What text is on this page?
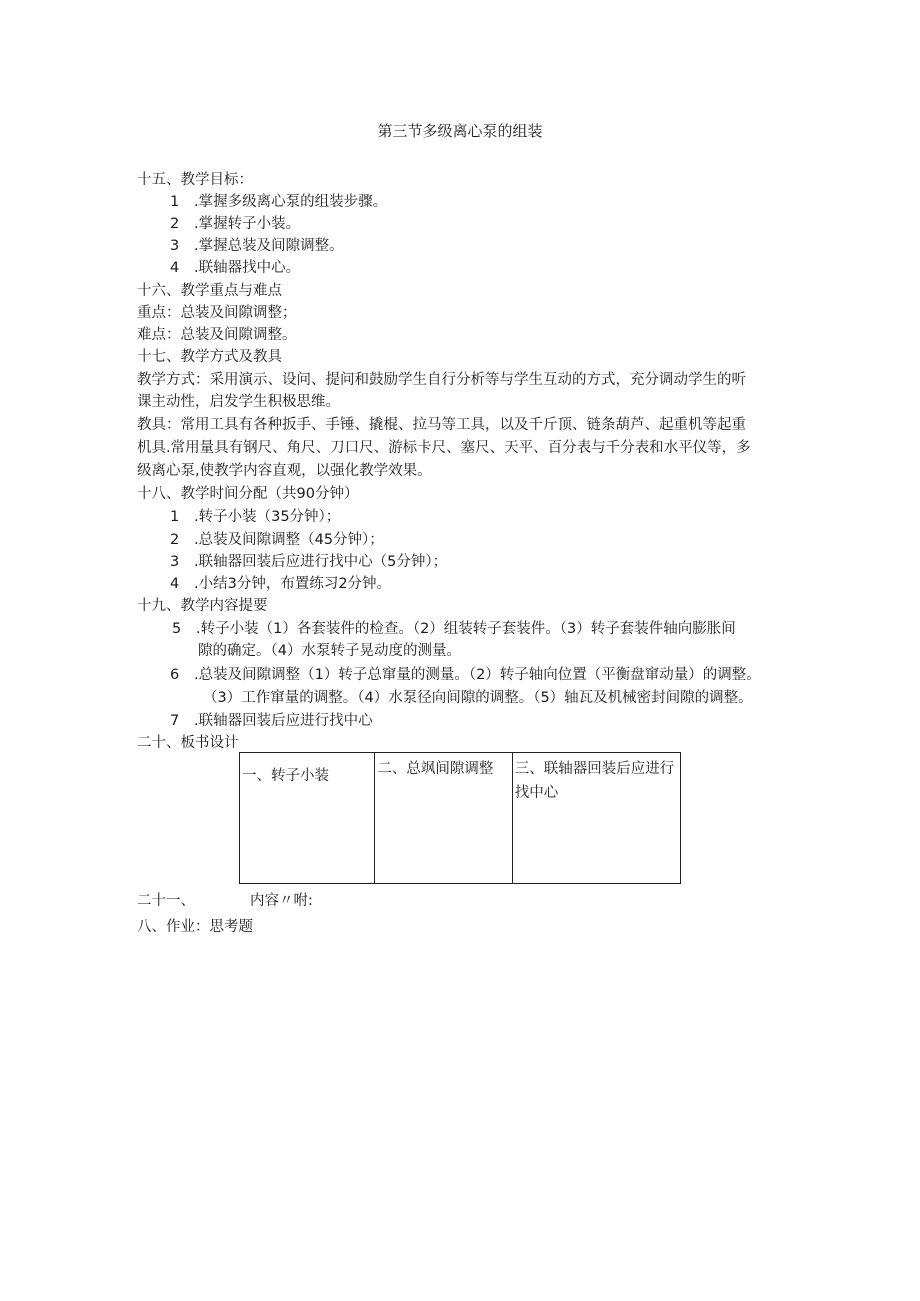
第三节多级离心泵的组装
十五、教学目标：
1 .掌握多级离心泵的组装步骤。
2 .掌握转子小装。
3 .掌握总装及间隙调整。
4 .联轴器找中心。
十六、教学重点与难点
重点：总装及间隙调整；
难点：总装及间隙调整。
十七、教学方式及教具
教学方式：采用演示、设问、提问和鼓励学生自行分析等与学生互动的方式，充分调动学生的听
课主动性，启发学生积极思维。
教具：常用工具有各种扳手、手锤、撬棍、拉马等工具，以及千斤顶、链条葫芦、起重机等起重
机具.常用量具有钢尺、角尺、刀口尺、游标卡尺、塞尺、天平、百分表与千分表和水平仪等，多
级离心泵,使教学内容直观，以强化教学效果。
十八、教学时间分配（共90分钟）
1 .转子小装（35分钟）；
2 .总装及间隙调整（45分钟）；
3 .联轴器回装后应进行找中心（5分钟）；
4 .小结3分钟，布置练习2分钟。
十九、教学内容提要
5 .转子小装（1）各套装件的检查。（2）组装转子套装件。（3）转子套装件轴向膨胀间
隙的确定。（4）水泵转子晃动度的测量。
6 .总装及间隙调整（1）转子总窜量的测量。（2）转子轴向位置（平衡盘窜动量）的调整。
（3）工作窜量的调整。（4）水泵径向间隙的调整。（5）轴瓦及机械密封间隙的调整。
7 .联轴器回装后应进行找中心
二十、板书设计
一、转子小装	二、总飒间隙调整	三、联轴器回装后应进行找中心
二十一、	内容〃咐:
八、作业：思考题
